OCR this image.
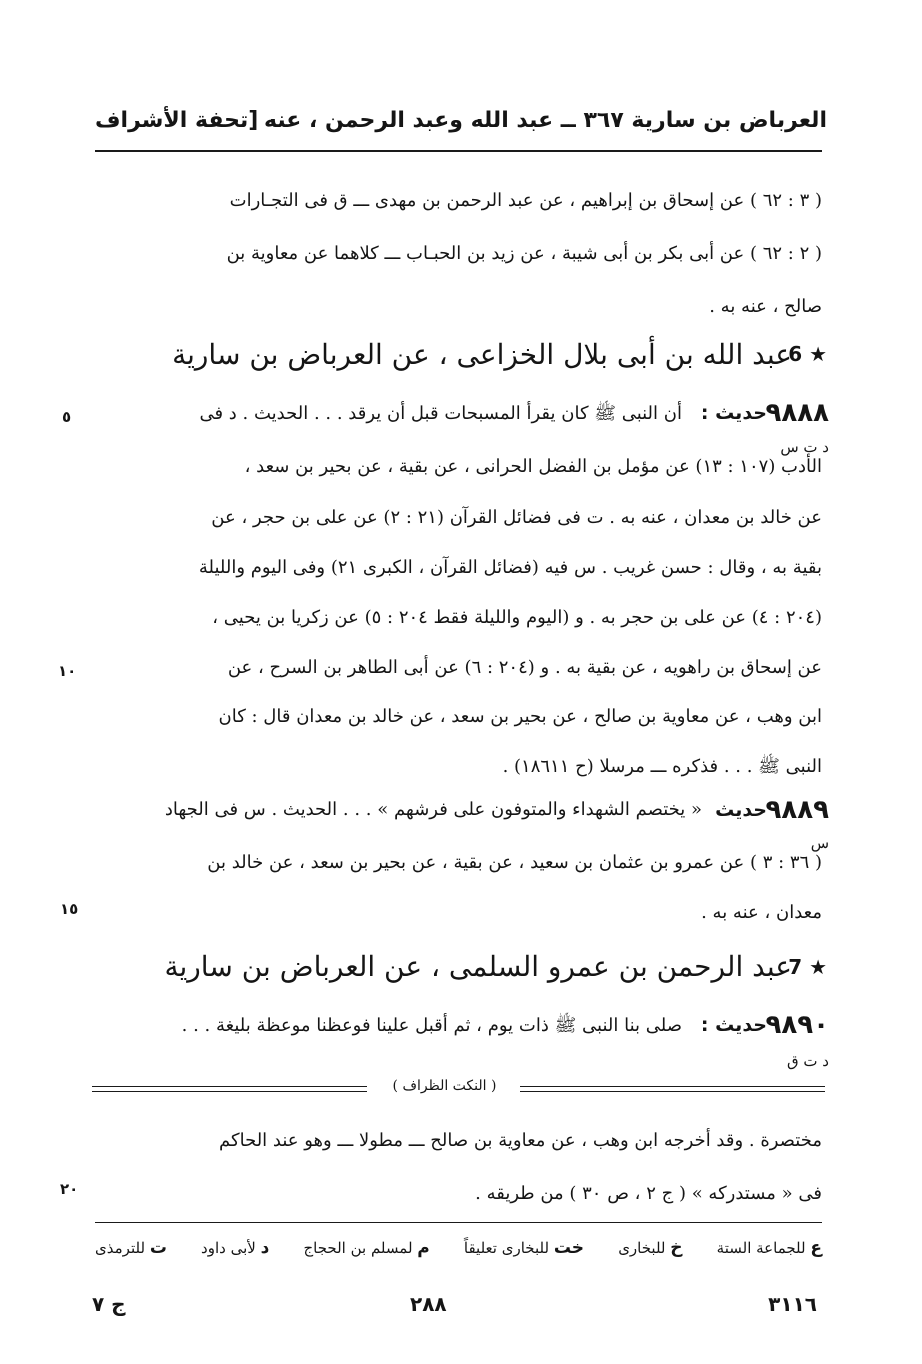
العرباض بن سارية ٣٦٧ ــ عبد الله وعبد الرحمن ، عنه
[تحفة الأشراف
( ٣ : ٦٢ ) عن إسحاق بن إبراهيم ، عن عبد الرحمن بن مهدى ـــ ق فى التجـارات
( ٢ : ٦٢ ) عن أبى بكر بن أبى شيبة ، عن زيد بن الحبـاب ـــ كلاهما عن معاوية بن
صالح ، عنه به .
6 ★
عبد الله بن أبى بلال الخزاعى ، عن العرباض بن سارية
٩٨٨٨
حديث :
أن النبى ﷺ كان يقرأ المسبحات قبل أن يرقد . . . الحديث . د فى
د ت س
٥
الأدب (١٠٧ : ١٣) عن مؤمل بن الفضل الحرانى ، عن بقية ، عن بحير بن سعد ،
عن خالد بن معدان ، عنه به . ت فى فضائل القرآن (٢١ : ٢) عن على بن حجر ، عن
بقية به ، وقال : حسن غريب . س فيه (فضائل القرآن ، الكبرى ٢١) وفى اليوم والليلة
(٢٠٤ : ٤) عن على بن حجر به . و (اليوم والليلة فقط ٢٠٤ : ٥) عن زكريا بن يحيى ،
عن إسحاق بن راهويه ، عن بقية به . و (٢٠٤ : ٦) عن أبى الطاهر بن السرح ، عن
١٠
ابن وهب ، عن معاوية بن صالح ، عن بحير بن سعد ، عن خالد بن معدان قال : كان
النبى ﷺ . . . فذكره ـــ مرسلا (ح ١٨٦١١) .
٩٨٨٩
حديث
« يختصم الشهداء والمتوفون على فرشهم » . . . الحديث . س فى الجهاد
س
( ٣٦ : ٣ ) عن عمرو بن عثمان بن سعيد ، عن بقية ، عن بحير بن سعد ، عن خالد بن
معدان ، عنه به .
١٥
7 ★
عبد الرحمن بن عمرو السلمى ، عن العرباض بن سارية
٩٨٩٠
حديث :
صلى بنا النبى ﷺ ذات يوم ، ثم أقبل علينا فوعظنا موعظة بليغة . . .
د ت ق
( النكت الظراف )
مختصرة . وقد أخرجه ابن وهب ، عن معاوية بن صالح ـــ مطولا ـــ وهو عند الحاكم
فى « مستدركه » ( ج ٢ ، ص ٣٠ ) من طريقه .
٢٠
ع للجماعة الستة
خ للبخارى
خت للبخارى تعليقاً
م لمسلم بن الحجاج
د لأبى داود
ت للترمذى
٣١١٦
٢٨٨
ج ٧
